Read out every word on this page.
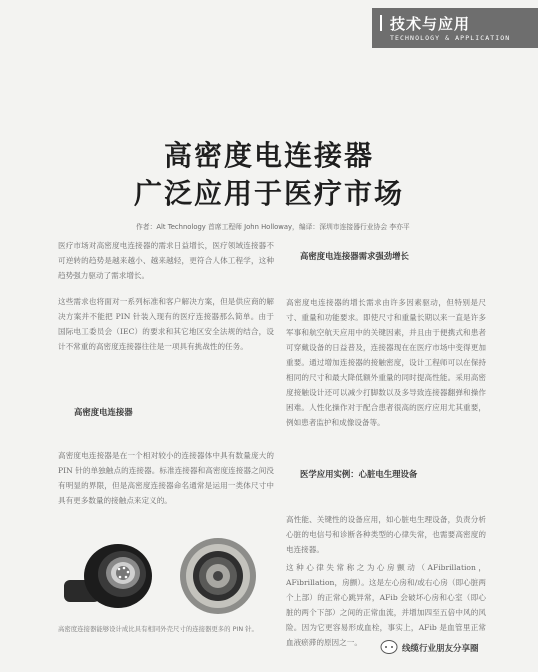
技术与应用
TECHNOLOGY & APPLICATION
高密度电连接器
广泛应用于医疗市场
作者：Alt Technology 首席工程师 John Holloway，编译：深圳市连接器行业协会 李亦平

医疗市场对高密度电连接器的需求日益增长，医疗领域连接器不可逆转的趋势是越来越小、越来越轻，更符合人体工程学，这种趋势强力驱动了需求增长。

这些需求也将面对一系列标准和客户解决方案，但是供应商的解决方案并不能把 PIN 针装入现有的医疗连接器那么简单。由于国际电工委员会（IEC）的要求和其它地区安全法规的结合，设计不常重的高密度连接器往往是一项具有挑战性的任务。

高密度电连接器

高密度电连接器是在一个相对较小的连接器体中具有数量庞大的 PIN 针的单独触点的连接器。标准连接器和高密度连接器之间没有明显的界限，但是高密度连接器命名通常是运用一类体尺寸中具有更多数量的接触点来定义的。

高密度连接器能够设计成比具有相同外壳尺寸的连接器更多的 PIN 针。
高密度电连接器需求强劲增长

高密度电连接器的增长需求由许多因素驱动，但特别是尺寸、重量和功能要求。即使尺寸和重量长期以来一直是许多军事和航空航天应用中的关键因素，并且由于便携式和患者可穿戴设备的日益普及，连接器现在在医疗市场中变得更加重要。通过增加连接器的接触密度，设计工程师可以在保持相同的尺寸和最大降低额外重量的同时提高性能。采用高密度接触设计还可以减少打脚数以及多导致连接器翻弹和操作困难。人性化操作对于配合患者很高的医疗应用尤其重要，例如患者监护和成像设备等。

医学应用实例：心脏电生理设备

高性能、关键性的设备应用，如心脏电生理设备，负责分析心脏的电信号和诊断各种类型的心律失常，也需要高密度的电连接器。

这种心律失常称之为心房颤动（AFibrillation，AFibrillation，房颤）。这是左心房和/或右心房（即心脏两个上部）的正常心跳异常，AFib 会破坏心房和心室（即心脏的两个下部）之间的正常血流，并增加四至五倍中风的风险。因为它更容易形成血栓，事实上，AFib 是血管里正常血液瘀滞的原因之一。

线缆行业朋友分享圈
